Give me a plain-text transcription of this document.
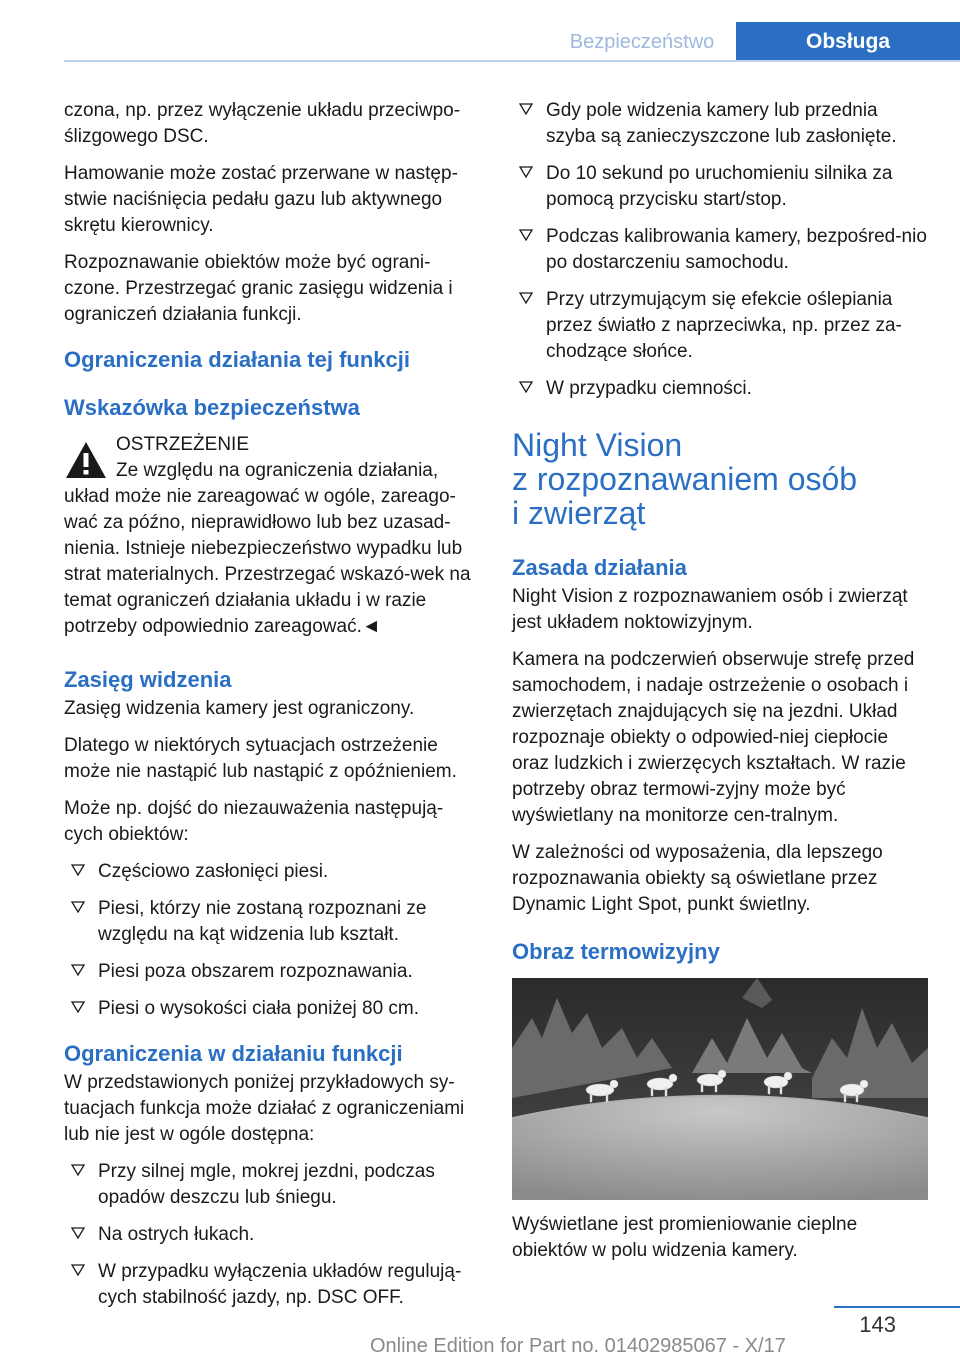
Bezpieczeństwo	Obsługa

czona, np. przez wyłączenie układu przeciwpo-ślizgowego DSC.

Hamowanie może zostać przerwane w następ-stwie naciśnięcia pedału gazu lub aktywnego skrętu kierownicy.

Rozpoznawanie obiektów może być ograni-czone. Przestrzegać granic zasięgu widzenia i ograniczeń działania funkcji.

Ograniczenia działania tej funkcji
Wskazówka bezpieczeństwa
OSTRZEŻENIE
Ze względu na ograniczenia działania,
układ może nie zareagować w ogóle, zareago-wać za późno, nieprawidłowo lub bez uzasad-nienia. Istnieje niebezpieczeństwo wypadku lub strat materialnych. Przestrzegać wskazó-wek na temat ograniczeń działania układu i w razie potrzeby odpowiednio zareagować.◄
Zasięg widzenia

Zasięg widzenia kamery jest ograniczony.

Dlatego w niektórych sytuacjach ostrzeżenie może nie nastąpić lub nastąpić z opóźnieniem.

Może np. dojść do niezauważenia następują-cych obiektów:

Częściowo zasłonięci piesi.
Piesi, którzy nie zostaną rozpoznani ze względu na kąt widzenia lub kształt.
Piesi poza obszarem rozpoznawania.
Piesi o wysokości ciała poniżej 80 cm.
Ograniczenia w działaniu funkcji

W przedstawionych poniżej przykładowych sy-tuacjach funkcja może działać z ograniczeniami lub nie jest w ogóle dostępna:

Przy silnej mgle, mokrej jezdni, podczas opadów deszczu lub śniegu.
Na ostrych łukach.
W przypadku wyłączenia układów regulują-cych stabilność jazdy, np. DSC OFF.
Gdy pole widzenia kamery lub przednia szyba są zanieczyszczone lub zasłonięte.
Do 10 sekund po uruchomieniu silnika za pomocą przycisku start/stop.
Podczas kalibrowania kamery, bezpośred-nio po dostarczeniu samochodu.
Przy utrzymującym się efekcie oślepiania przez światło z naprzeciwka, np. przez za-chodzące słońce.
W przypadku ciemności.
Night Vision
z rozpoznawaniem osób
i zwierząt
Zasada działania

Night Vision z rozpoznawaniem osób i zwierząt jest układem noktowizyjnym.

Kamera na podczerwień obserwuje strefę przed samochodem, i nadaje ostrzeżenie o osobach i zwierzętach znajdujących się na jezdni. Układ rozpoznaje obiekty o odpowied-niej ciepłocie oraz ludzkich i zwierzęcych kształtach. W razie potrzeby obraz termowi-zyjny może być wyświetlany na monitorze cen-tralnym.

W zależności od wyposażenia, dla lepszego rozpoznawania obiekty są oświetlane przez Dynamic Light Spot, punkt świetlny.

Obraz termowizyjny

Wyświetlane jest promieniowanie cieplne obiektów w polu widzenia kamery.

143
Online Edition for Part no. 01402985067 - X/17
